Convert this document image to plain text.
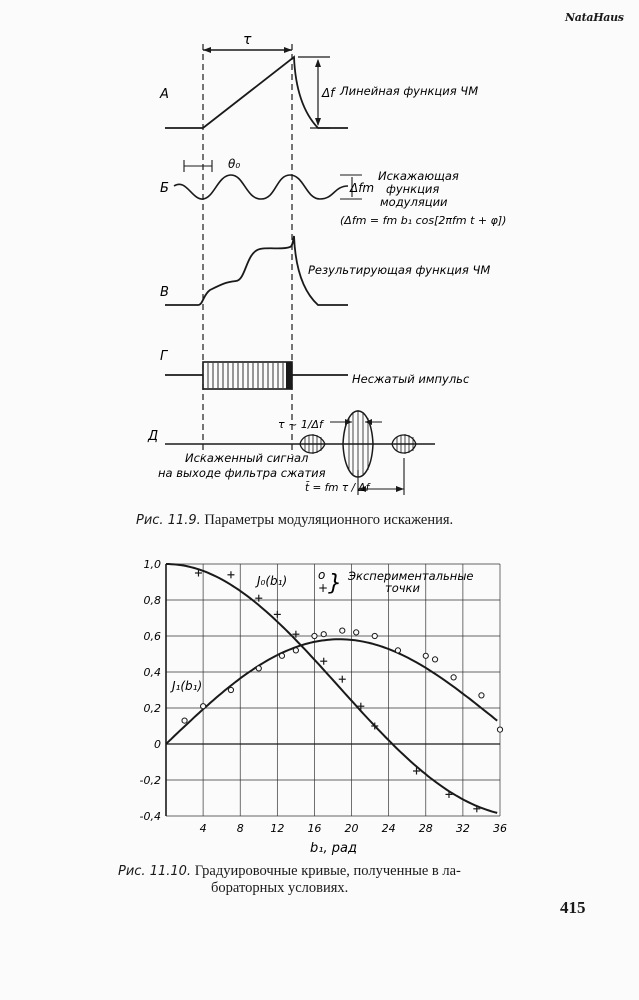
NataHaus
А
Б
В
Г
Д
τ
Δf
θ₀
Δfm
Линейная функция ЧМ
Искажающая
функция
модуляции
(Δfm = fm b₁ cos[2πfm t + φ])
Результирующая функция ЧМ
Несжатый импульс
τ ~ 1/Δf
Искаженный сигнал
на выходе фильтра сжатия
t̄ = fm τ / Δf
Рис. 11.9. Параметры модуляционного искажения.
1,0
0,8
0,6
0,4
0,2
0
-0,2
-0,4
4	8 12 16 20 24 28 32 36
b₁, рад
J₀(b₁)
J₁(b₁)
o
+ } Экспериментальные
точки
Рис. 11.10. Градуировочные кривые, полученные в ла-
бораторных условиях.
415
